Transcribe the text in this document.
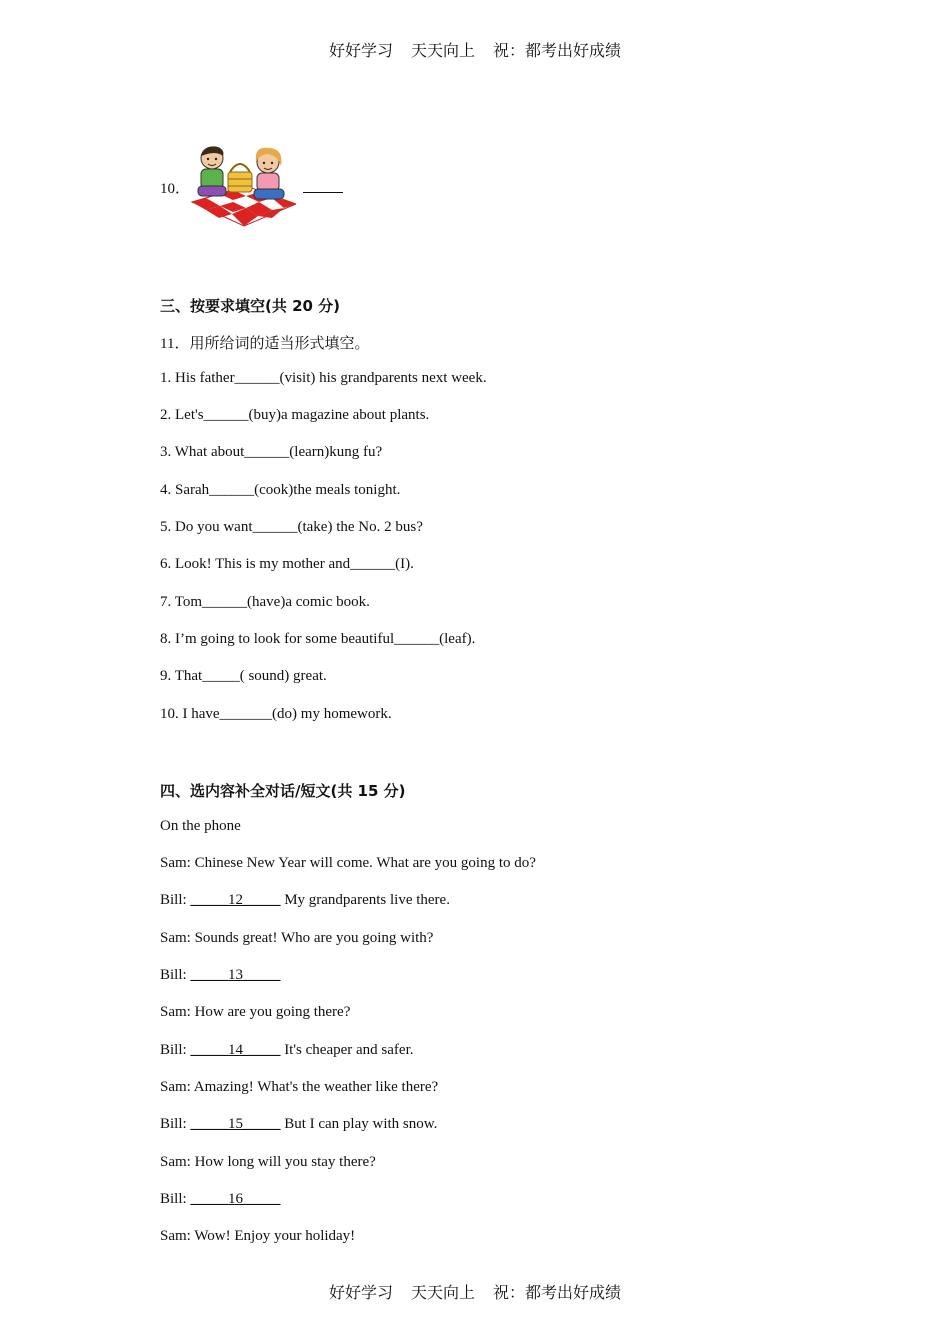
好好学习 天天向上 祝：都考出好成绩
10．
三、按要求填空(共 20 分)
11．用所给词的适当形式填空。
1. His father______(visit) his grandparents next week.
2. Let's______(buy)a magazine about plants.
3. What about______(learn)kung fu?
4. Sarah______(cook)the meals tonight.
5. Do you want______(take) the No. 2 bus?
6. Look! This is my mother and______(I).
7. Tom______(have)a comic book.
8. I’m going to look for some beautiful______(leaf).
9. That_____( sound) great.
10. I have_______(do) my homework.
四、选内容补全对话/短文(共 15 分)
On the phone
Sam: Chinese New Year will come. What are you going to do?
Bill: _____12_____ My grandparents live there.
Sam: Sounds great! Who are you going with?
Bill: _____13_____
Sam: How are you going there?
Bill: _____14_____ It's cheaper and safer.
Sam: Amazing! What's the weather like there?
Bill: _____15_____ But I can play with snow.
Sam: How long will you stay there?
Bill: _____16_____
Sam: Wow! Enjoy your holiday!
好好学习 天天向上 祝：都考出好成绩
